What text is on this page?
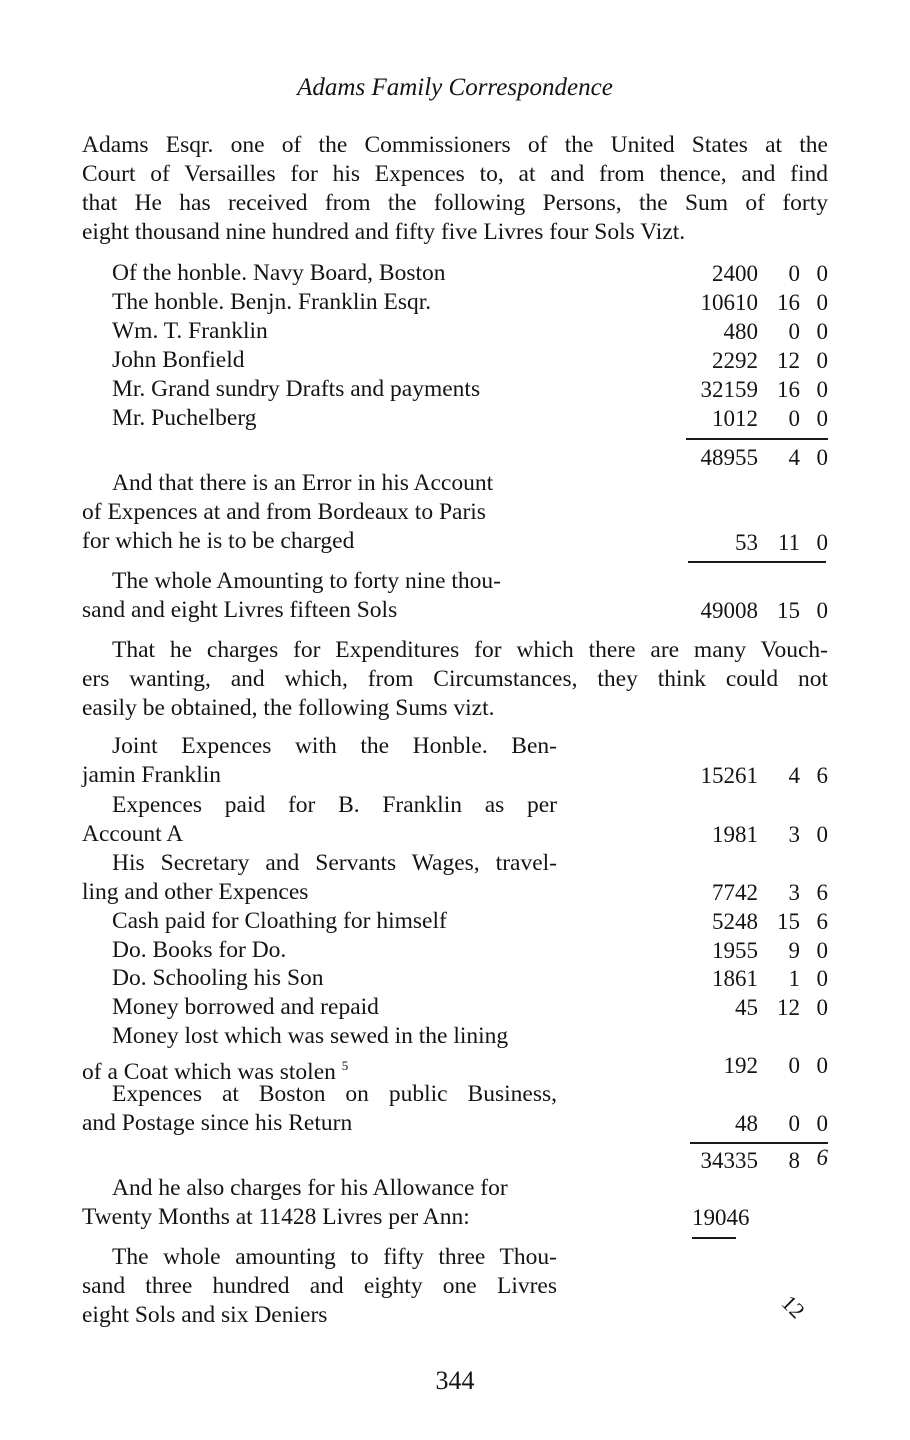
Adams Family Correspondence
Adams Esqr. one of the Commissioners of the United States at the
Court of Versailles for his Expences to, at and from thence, and find
that He has received from the following Persons, the Sum of forty
eight thousand nine hundred and fifty five Livres four Sols Vizt.
Of the honble. Navy Board, Boston	2400 0 0
The honble. Benjn. Franklin Esqr.	10610 16 0
Wm. T. Franklin	480 0 0
John Bonfield	2292 12 0
Mr. Grand sundry Drafts and payments	32159 16 0
Mr. Puchelberg	1012 0 0
48955 4 0
And that there is an Error in his Account
of Expences at and from Bordeaux to Paris
for which he is to be charged	53 11 0
The whole Amounting to forty nine thou-
sand and eight Livres fifteen Sols	49008 15 0
That he charges for Expenditures for which there are many Vouch-
ers wanting, and which, from Circumstances, they think could not
easily be obtained, the following Sums vizt.
Joint Expences with the Honble. Ben-
jamin Franklin	15261 4 6
Expences paid for B. Franklin as per
Account A	1981 3 0
His Secretary and Servants Wages, travel-
ling and other Expences	7742 3 6
Cash paid for Cloathing for himself	5248 15 6
Do. Books for Do.	1955 9 0
Do. Schooling his Son	1861 1 0
Money borrowed and repaid	45 12 0
Money lost which was sewed in the lining
of a Coat which was stolen $^5$	192 0 0
Expences at Boston on public Business,
and Postage since his Return	48 0 0
34335 8 6
And he also charges for his Allowance for
Twenty Months at 11428 Livres per Ann:	19046
The whole amounting to fifty three Thou-
sand three hundred and eighty one Livres
eight Sols and six Deniers	12
344
